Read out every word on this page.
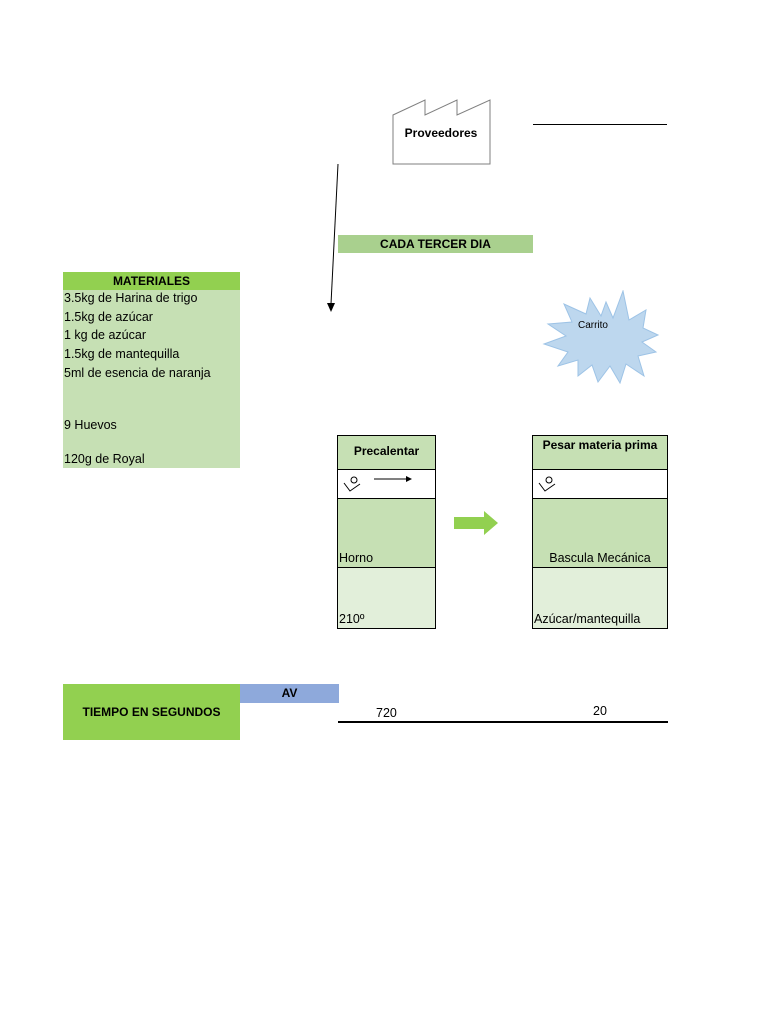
Proveedores
CADA TERCER DIA
MATERIALES
3.5kg de Harina de trigo
1.5kg de azúcar
1 kg de azúcar
1.5kg de mantequilla
5ml de esencia de naranja
9 Huevos
120g de Royal
Carrito
Precalentar
Horno
210º
Pesar materia prima
Bascula Mecánica
Azúcar/mantequilla
TIEMPO EN SEGUNDOS
AV
720	20
